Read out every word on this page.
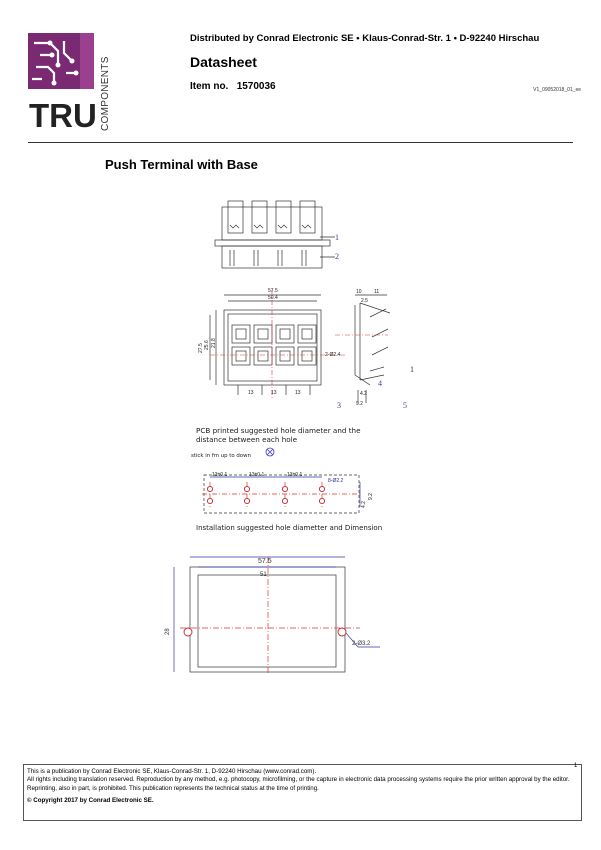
TRU COMPONENTS
Distributed by Conrad Electronic SE • Klaus-Conrad-Str. 1 • D-92240 Hirschau
Datasheet
Item no. 1570036	V1_09052018_01_ee
Push Terminal with Base
57.5
50.4
10 11
2.5
27.5 25.6 21.8
2-Ø2.4
4.2
9.2
13	13	13
13±0.1	13±0.1	13±0.1
8-Ø2.2
9.2
4.2
1
2
1
3
4
5
PCB printed suggested hole diameter and the distance between each hole
stick in fm up to down
Installation suggested hole diametter and Dimension
57.5
51
28
2-Ø3.2

This is a publication by Conrad Electronic SE, Klaus-Conrad-Str. 1, D-92240 Hirschau (www.conrad.com).

All rights including translation reserved. Reproduction by any method, e.g. photocopy, microfilming, or the capture in electronic data processing systems require the prior written approval by the editor. Reprinting, also in part, is prohibited. This publication represents the technical status at the time of printing.

© Copyright 2017 by Conrad Electronic SE.

1
